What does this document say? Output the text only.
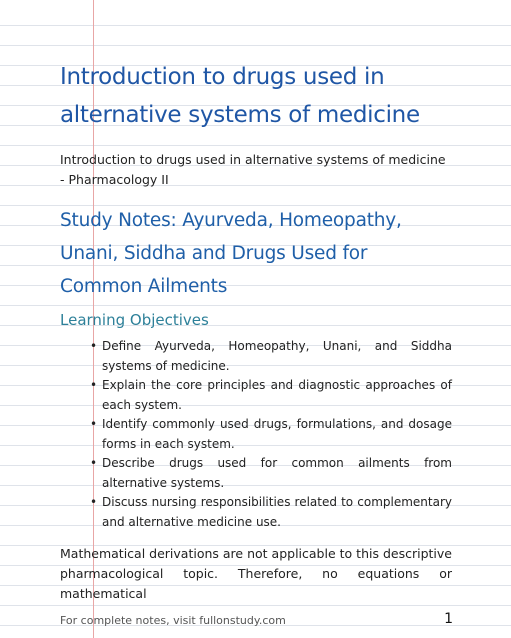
Introduction to drugs used in alternative systems of medicine

Introduction to drugs used in alternative systems of medicine - Pharmacology II

Study Notes: Ayurveda, Homeopathy, Unani, Siddha and Drugs Used for Common Ailments
Learning Objectives
• Define Ayurveda, Homeopathy, Unani, and Siddha systems of medicine.
• Explain the core principles and diagnostic approaches of each system.
• Identify commonly used drugs, formulations, and dosage forms in each system.
• Describe drugs used for common ailments from alternative systems.
• Discuss nursing responsibilities related to complementary and alternative medicine use.

Mathematical derivations are not applicable to this descriptive pharmacological topic. Therefore, no equations or mathematical

For complete notes, visit fullonstudy.com	1
